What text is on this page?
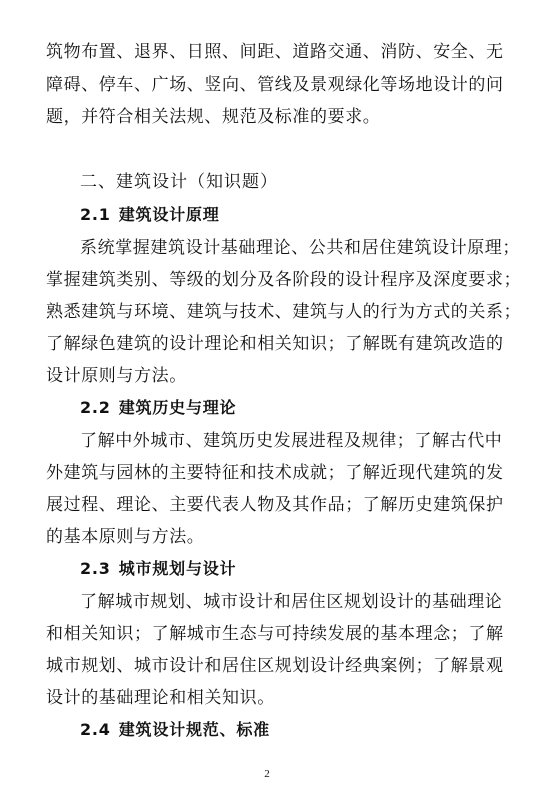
筑物布置、退界、日照、间距、道路交通、消防、安全、无
障碍、停车、广场、竖向、管线及景观绿化等场地设计的问
题，并符合相关法规、规范及标准的要求。
二、建筑设计（知识题）
2.1 建筑设计原理
系统掌握建筑设计基础理论、公共和居住建筑设计原理；
掌握建筑类别、等级的划分及各阶段的设计程序及深度要求；
熟悉建筑与环境、建筑与技术、建筑与人的行为方式的关系；
了解绿色建筑的设计理论和相关知识；了解既有建筑改造的
设计原则与方法。
2.2 建筑历史与理论
了解中外城市、建筑历史发展进程及规律；了解古代中
外建筑与园林的主要特征和技术成就；了解近现代建筑的发
展过程、理论、主要代表人物及其作品；了解历史建筑保护
的基本原则与方法。
2.3 城市规划与设计
了解城市规划、城市设计和居住区规划设计的基础理论
和相关知识；了解城市生态与可持续发展的基本理念；了解
城市规划、城市设计和居住区规划设计经典案例；了解景观
设计的基础理论和相关知识。
2.4 建筑设计规范、标准
2
